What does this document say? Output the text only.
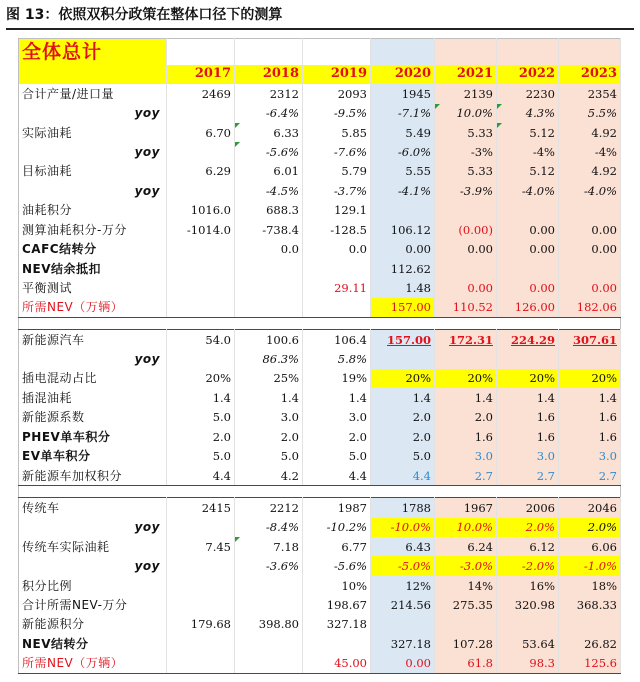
图 13：依照双积分政策在整体口径下的测算
全体总计							
	2017	2018	2019	2020	2021	2022	2023
合计产量/进口量	2469	2312	2093	1945	2139	2230	2354
yoy		-6.4%	-9.5%	-7.1%	10.0%	4.3%	5.5%
实际油耗	6.70	6.33	5.85	5.49	5.33	5.12	4.92
yoy		-5.6%	-7.6%	-6.0%	-3%	-4%	-4%
目标油耗	6.29	6.01	5.79	5.55	5.33	5.12	4.92
yoy		-4.5%	-3.7%	-4.1%	-3.9%	-4.0%	-4.0%
油耗积分	1016.0	688.3	129.1				
测算油耗积分-万分	-1014.0	-738.4	-128.5	106.12	(0.00)	0.00	0.00
CAFC结转分		0.0	0.0	0.00	0.00	0.00	0.00
NEV结余抵扣				112.62			
平衡测试			29.11	1.48	0.00	0.00	0.00
所需NEV（万辆）				157.00	110.52	126.00	182.06

新能源汽车	54.0	100.6	106.4	157.00	172.31	224.29	307.61
yoy		86.3%	5.8%				
插电混动占比	20%	25%	19%	20%	20%	20%	20%
插混油耗	1.4	1.4	1.4	1.4	1.4	1.4	1.4
新能源系数	5.0	3.0	3.0	2.0	2.0	1.6	1.6
PHEV单车积分	2.0	2.0	2.0	2.0	1.6	1.6	1.6
EV单车积分	5.0	5.0	5.0	5.0	3.0	3.0	3.0
新能源车加权积分	4.4	4.2	4.4	4.4	2.7	2.7	2.7

传统车	2415	2212	1987	1788	1967	2006	2046
yoy		-8.4%	-10.2%	-10.0%	10.0%	2.0%	2.0%
传统车实际油耗	7.45	7.18	6.77	6.43	6.24	6.12	6.06
yoy		-3.6%	-5.6%	-5.0%	-3.0%	-2.0%	-1.0%
积分比例			10%	12%	14%	16%	18%
合计所需NEV-万分			198.67	214.56	275.35	320.98	368.33
新能源积分	179.68	398.80	327.18				
NEV结转分				327.18	107.28	53.64	26.82
所需NEV（万辆）			45.00	0.00	61.8	98.3	125.6
